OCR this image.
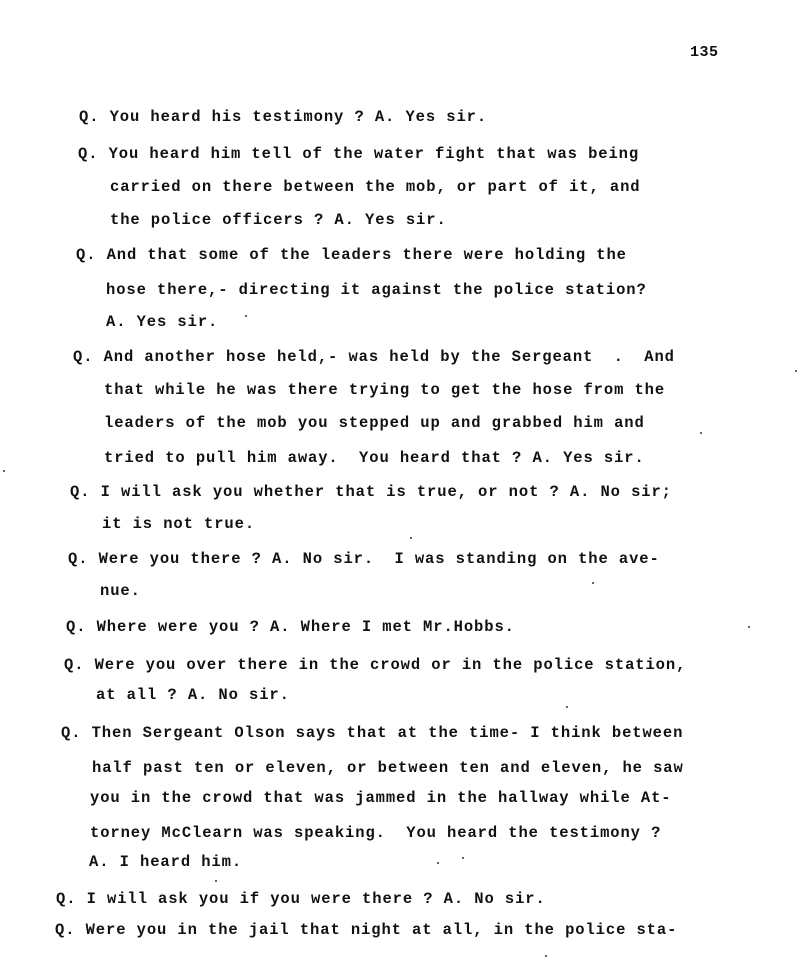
135
Q. You heard his testimony ? A. Yes sir.
Q. You heard him tell of the water fight that was being
carried on there between the mob, or part of it, and
the police officers ? A. Yes sir.
Q. And that some of the leaders there were holding the
hose there,- directing it against the police station?
A. Yes sir.
Q. And another hose held,- was held by the Sergeant  .  And
that while he was there trying to get the hose from the
leaders of the mob you stepped up and grabbed him and
tried to pull him away.  You heard that ? A. Yes sir.
Q. I will ask you whether that is true, or not ? A. No sir;
it is not true.
Q. Were you there ? A. No sir.  I was standing on the ave-
nue.
Q. Where were you ? A. Where I met Mr.Hobbs.
Q. Were you over there in the crowd or in the police station,
at all ? A. No sir.
Q. Then Sergeant Olson says that at the time- I think between
half past ten or eleven, or between ten and eleven, he saw
you in the crowd that was jammed in the hallway while At-
torney McClearn was speaking.  You heard the testimony ?
A. I heard him.
Q. I will ask you if you were there ? A. No sir.
Q. Were you in the jail that night at all, in the police sta-
